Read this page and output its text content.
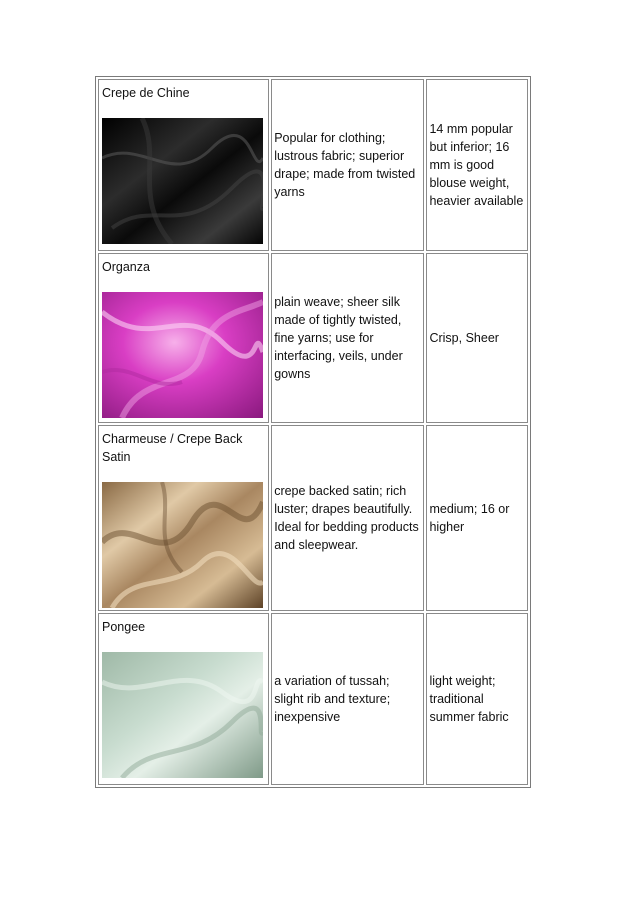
Crepe de Chine
Popular for clothing; lustrous fabric; superior drape; made from twisted yarns
14 mm popular but inferior; 16 mm is good blouse weight, heavier available
Organza
plain weave; sheer silk made of tightly twisted, fine yarns; use for interfacing, veils, under gowns
Crisp, Sheer
Charmeuse / Crepe Back Satin
crepe backed satin; rich luster; drapes beautifully. Ideal for bedding products and sleepwear.
medium; 16 or higher
Pongee
a variation of tussah; slight rib and texture; inexpensive
light weight; traditional summer fabric
